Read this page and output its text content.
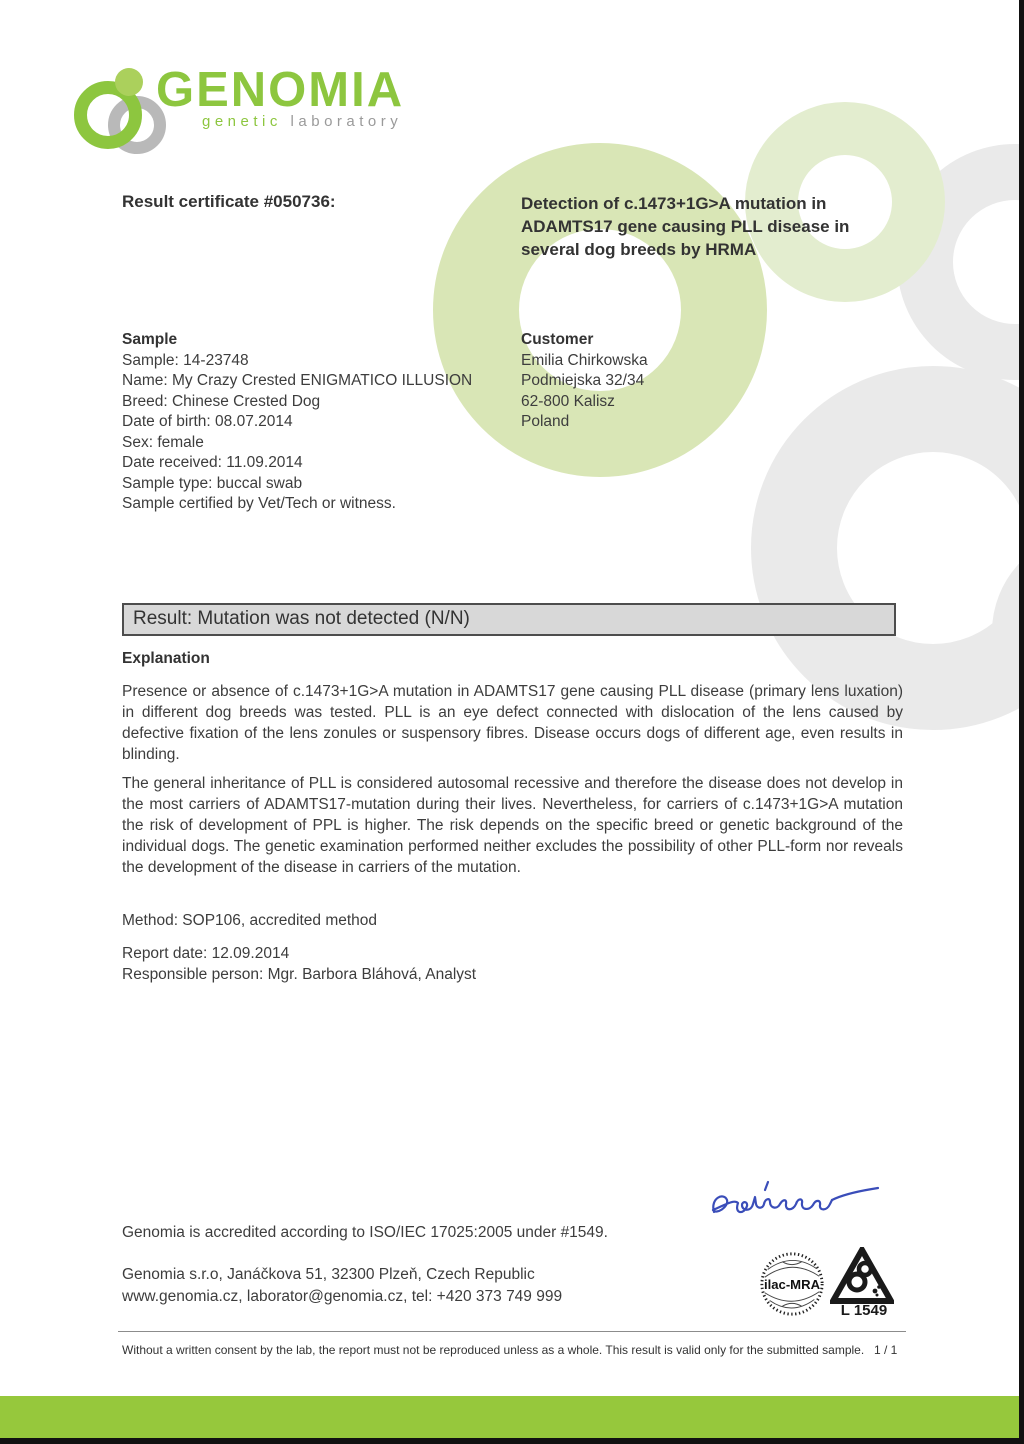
GENOMIA
genetic laboratory
Result certificate #050736:	Detection of c.1473+1G>A mutation in ADAMTS17 gene causing PLL disease in several dog breeds by HRMA
Sample
Sample: 14-23748
Name: My Crazy Crested ENIGMATICO ILLUSION
Breed: Chinese Crested Dog
Date of birth: 08.07.2014
Sex: female
Date received: 11.09.2014
Sample type: buccal swab
Sample certified by Vet/Tech or witness.
Customer
Emilia Chirkowska
Podmiejska 32/34
62-800 Kalisz
Poland
Result: Mutation was not detected (N/N)
Explanation
Presence or absence of c.1473+1G>A mutation in ADAMTS17 gene causing PLL disease (primary lens luxation) in different dog breeds was tested. PLL is an eye defect connected with dislocation of the lens caused by defective fixation of the lens zonules or suspensory fibres. Disease occurs dogs of different age, even results in blinding.
The general inheritance of PLL is considered autosomal recessive and therefore the disease does not develop in the most carriers of ADAMTS17-mutation during their lives. Nevertheless, for carriers of c.1473+1G>A mutation the risk of development of PPL is higher. The risk depends on the specific breed or genetic background of the individual dogs. The genetic examination performed neither excludes the possibility of other PLL-form nor reveals the development of the disease in carriers of the mutation.
Method: SOP106, accredited method
Report date: 12.09.2014
Responsible person: Mgr. Barbora Bláhová, Analyst
Genomia is accredited according to ISO/IEC 17025:2005 under #1549.
Genomia s.r.o, Janáčkova 51, 32300 Plzeň, Czech Republic
www.genomia.cz, laborator@genomia.cz, tel: +420 373 749 999
ilac-MRA
L 1549
Without a written consent by the lab, the report must not be reproduced unless as a whole. This result is valid only for the submitted sample. 1 / 1
